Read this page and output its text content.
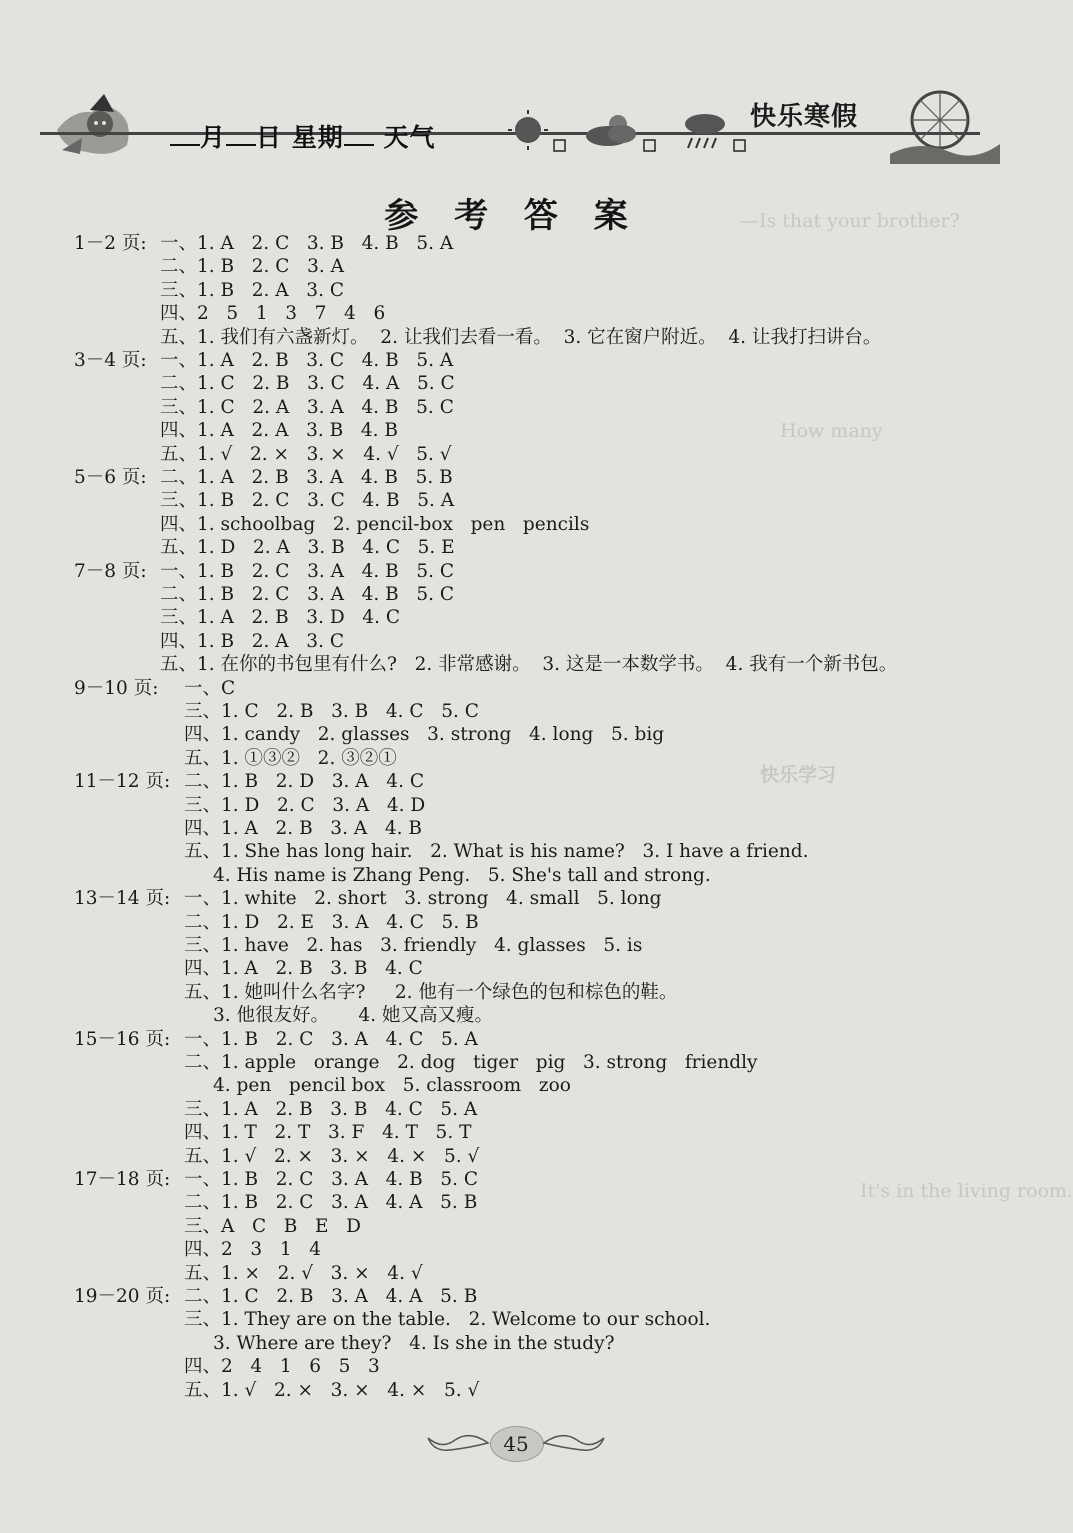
月 日 星期 天气
快乐寒假
参 考 答 案	—Is that your brother?
How many
快乐学习
It's in the living room.
1－2 页: 一、1. A   2. C   3. B   4. B   5. A
二、1. B   2. C   3. A
三、1. B   2. A   3. C
四、2   5   1   3   7   4   6
五、1. 我们有六盏新灯。  2. 让我们去看一看。  3. 它在窗户附近。  4. 让我打扫讲台。
3－4 页: 一、1. A   2. B   3. C   4. B   5. A
二、1. C   2. B   3. C   4. A   5. C
三、1. C   2. A   3. A   4. B   5. C
四、1. A   2. A   3. B   4. B
五、1. √   2. ×   3. ×   4. √   5. √
5－6 页: 二、1. A   2. B   3. A   4. B   5. B
三、1. B   2. C   3. C   4. B   5. A
四、1. schoolbag   2. pencil-box   pen   pencils
五、1. D   2. A   3. B   4. C   5. E
7－8 页: 一、1. B   2. C   3. A   4. B   5. C
二、1. B   2. C   3. A   4. B   5. C
三、1. A   2. B   3. D   4. C
四、1. B   2. A   3. C
五、1. 在你的书包里有什么?   2. 非常感谢。  3. 这是一本数学书。  4. 我有一个新书包。
9－10 页: 一、C
三、1. C   2. B   3. B   4. C   5. C
四、1. candy   2. glasses   3. strong   4. long   5. big
五、1. ①③②   2. ③②①
11－12 页: 二、1. B   2. D   3. A   4. C
三、1. D   2. C   3. A   4. D
四、1. A   2. B   3. A   4. B
五、1. She has long hair.   2. What is his name?   3. I have a friend.
4. His name is Zhang Peng.   5. She's tall and strong.
13－14 页: 一、1. white   2. short   3. strong   4. small   5. long
二、1. D   2. E   3. A   4. C   5. B
三、1. have   2. has   3. friendly   4. glasses   5. is
四、1. A   2. B   3. B   4. C
五、1. 她叫什么名字?     2. 他有一个绿色的包和棕色的鞋。
3. 他很友好。     4. 她又高又瘦。
15－16 页: 一、1. B   2. C   3. A   4. C   5. A
二、1. apple   orange   2. dog   tiger   pig   3. strong   friendly
4. pen   pencil box   5. classroom   zoo
三、1. A   2. B   3. B   4. C   5. A
四、1. T   2. T   3. F   4. T   5. T
五、1. √   2. ×   3. ×   4. ×   5. √
17－18 页: 一、1. B   2. C   3. A   4. B   5. C
二、1. B   2. C   3. A   4. A   5. B
三、A   C   B   E   D
四、2   3   1   4
五、1. ×   2. √   3. ×   4. √
19－20 页: 二、1. C   2. B   3. A   4. A   5. B
三、1. They are on the table.   2. Welcome to our school.
3. Where are they?   4. Is she in the study?
四、2   4   1   6   5   3
五、1. √   2. ×   3. ×   4. ×   5. √
45
